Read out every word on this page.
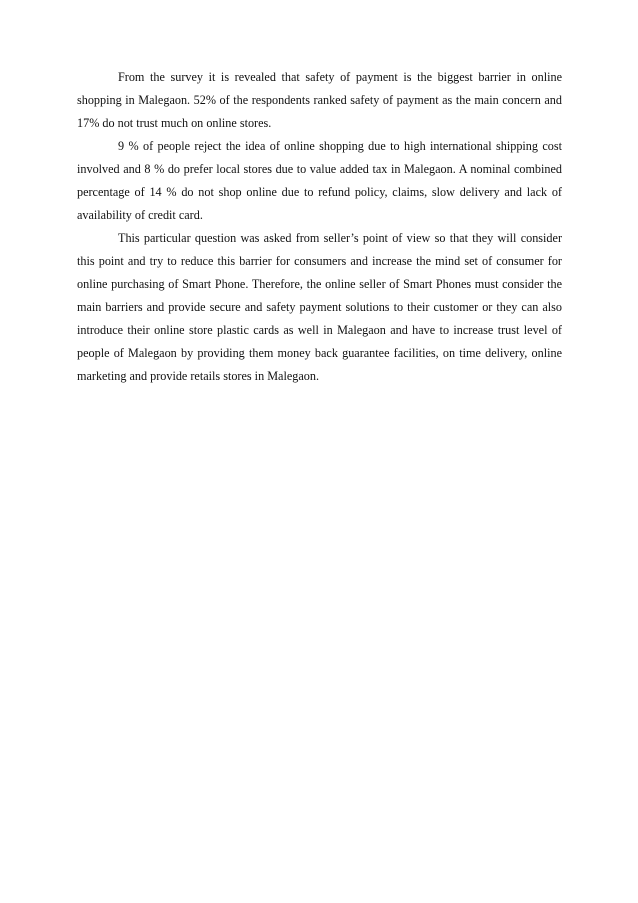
From the survey it is revealed that safety of payment is the biggest barrier in online shopping in Malegaon. 52% of the respondents ranked safety of payment as the main concern and 17% do not trust much on online stores.

9 % of people reject the idea of online shopping due to high international shipping cost involved and 8 % do prefer local stores due to value added tax in Malegaon. A nominal combined percentage of 14 % do not shop online due to refund policy, claims, slow delivery and lack of availability of credit card.

This particular question was asked from seller’s point of view so that they will consider this point and try to reduce this barrier for consumers and increase the mind set of consumer for online purchasing of Smart Phone. Therefore, the online seller of Smart Phones must consider the main barriers and provide secure and safety payment solutions to their customer or they can also introduce their online store plastic cards as well in Malegaon and have to increase trust level of people of Malegaon by providing them money back guarantee facilities, on time delivery, online marketing and provide retails stores in Malegaon.
